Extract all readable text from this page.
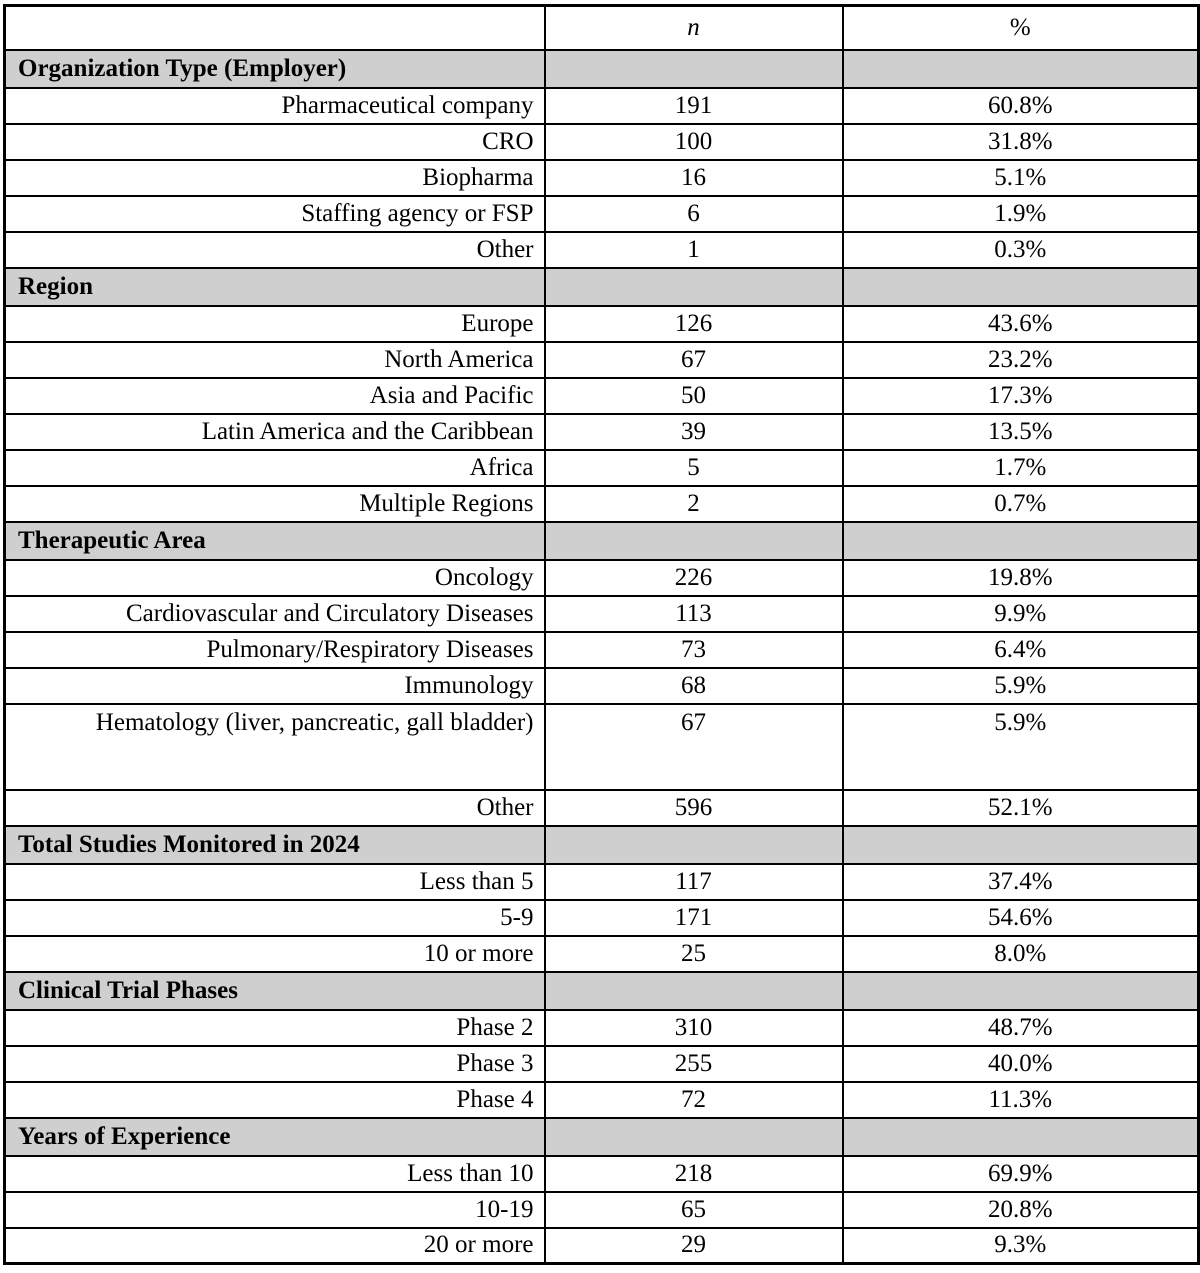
	n	%
Organization Type (Employer)		
Pharmaceutical company	191	60.8%
CRO	100	31.8%
Biopharma	16	5.1%
Staffing agency or FSP	6	1.9%
Other	1	0.3%
Region		
Europe	126	43.6%
North America	67	23.2%
Asia and Pacific	50	17.3%
Latin America and the Caribbean	39	13.5%
Africa	5	1.7%
Multiple Regions	2	0.7%
Therapeutic Area		
Oncology	226	19.8%
Cardiovascular and Circulatory Diseases	113	9.9%
Pulmonary/Respiratory Diseases	73	6.4%
Immunology	68	5.9%
Hematology (liver, pancreatic, gall bladder)	67	5.9%
Other	596	52.1%
Total Studies Monitored in 2024		
Less than 5	117	37.4%
5-9	171	54.6%
10 or more	25	8.0%
Clinical Trial Phases		
Phase 2	310	48.7%
Phase 3	255	40.0%
Phase 4	72	11.3%
Years of Experience		
Less than 10	218	69.9%
10-19	65	20.8%
20 or more	29	9.3%
